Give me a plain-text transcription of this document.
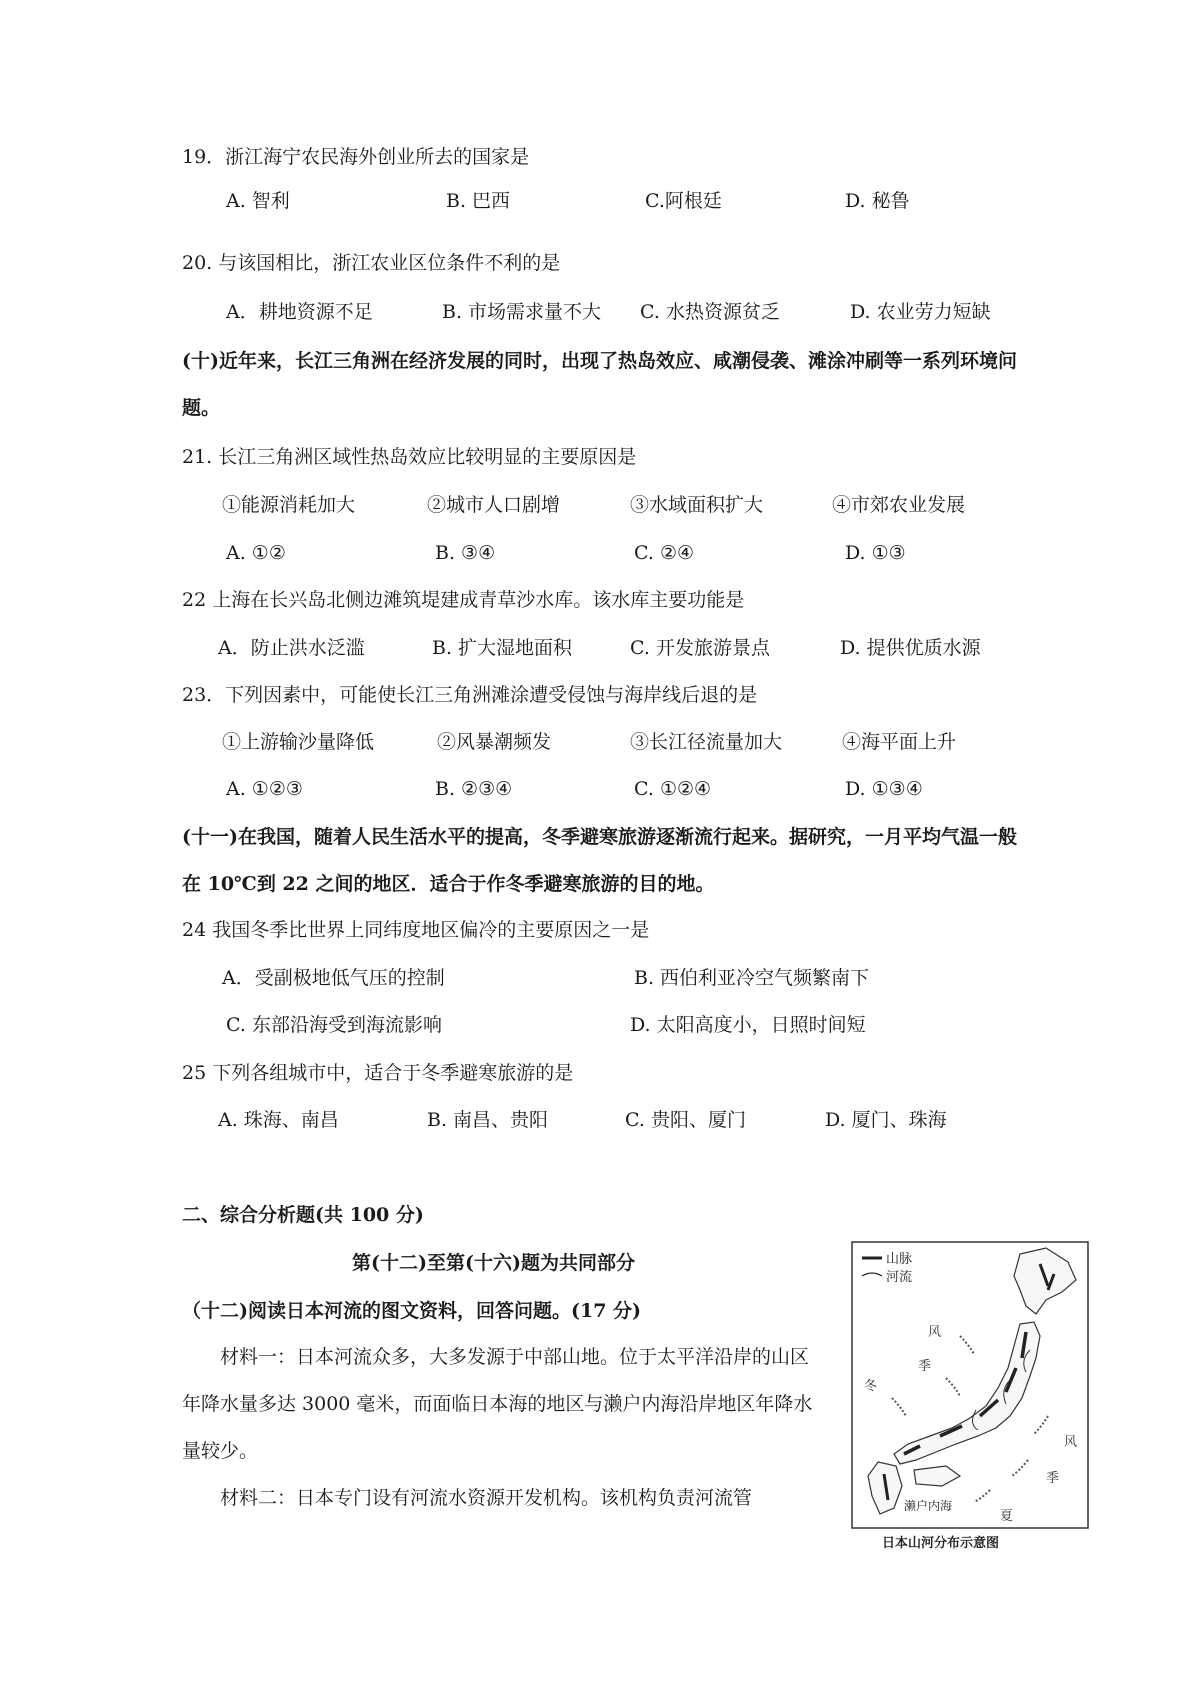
19．浙江海宁农民海外创业所去的国家是
A. 智利	B. 巴西	C.阿根廷	D. 秘鲁
20. 与该国相比，浙江农业区位条件不利的是
A．耕地资源不足	B. 市场需求量不大 C. 水热资源贫乏	D. 农业劳力短缺
(十)近年来，长江三角洲在经济发展的同时，出现了热岛效应、咸潮侵袭、滩涂冲刷等一系列环境问题。
21. 长江三角洲区域性热岛效应比较明显的主要原因是
①能源消耗加大	②城市人口剧增	③水域面积扩大	④市郊农业发展
A. ①②	B. ③④	C. ②④	D. ①③
22 上海在长兴岛北侧边滩筑堤建成青草沙水库。该水库主要功能是
A．防止洪水泛滥	B. 扩大湿地面积	C. 开发旅游景点	D. 提供优质水源
23．下列因素中，可能使长江三角洲滩涂遭受侵蚀与海岸线后退的是
①上游输沙量降低	②风暴潮频发	③长江径流量加大	④海平面上升
A. ①②③	B. ②③④	C. ①②④	D. ①③④
(十一)在我国，随着人民生活水平的提高，冬季避寒旅游逐渐流行起来。据研究，一月平均气温一般在 10℃到 22 之间的地区．适合于作冬季避寒旅游的目的地。
24 我国冬季比世界上同纬度地区偏冷的主要原因之一是
A．受副极地低气压的控制	B. 西伯利亚冷空气频繁南下
C. 东部沿海受到海流影响	D. 太阳高度小，日照时间短
25 下列各组城市中，适合于冬季避寒旅游的是
A. 珠海、南昌	B. 南昌、贵阳	C. 贵阳、厦门	D. 厦门、珠海
二、综合分析题(共 100 分)
第(十二)至第(十六)题为共同部分
（十二)阅读日本河流的图文资料，回答问题。(17 分)
材料一：日本河流众多，大多发源于中部山地。位于太平洋沿岸的山区年降水量多达 3000 毫米，而面临日本海的地区与濑户内海沿岸地区年降水量较少。
材料二：日本专门设有河流水资源开发机构。该机构负责河流管
山脉
河流
风
季
冬
风
季
夏
濑户内海
日本山河分布示意图
